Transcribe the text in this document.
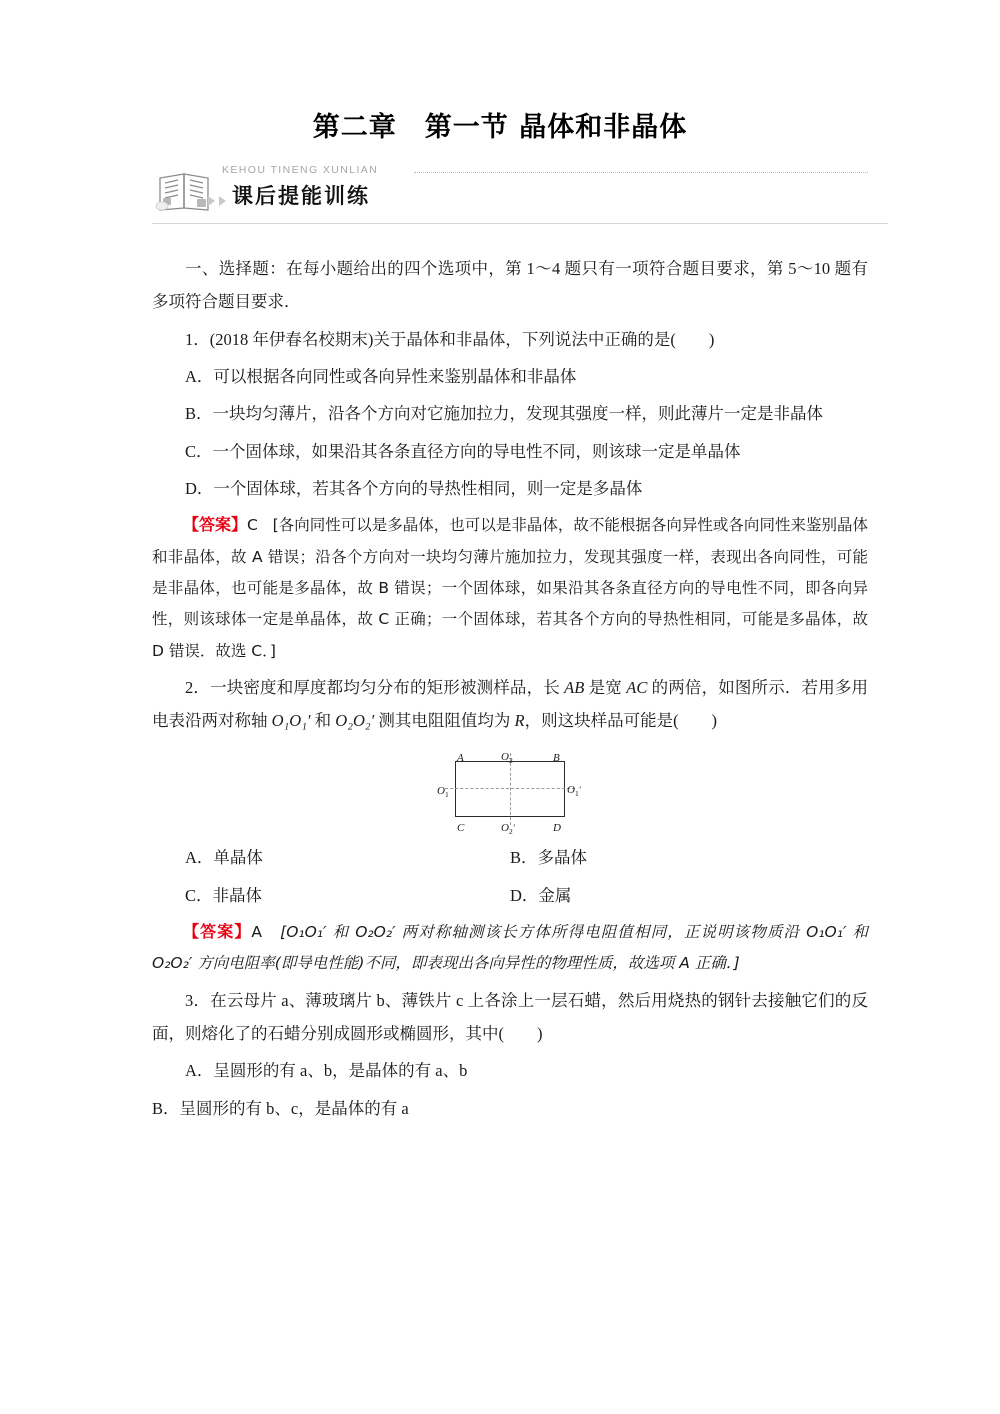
第二章　第一节 晶体和非晶体
KEHOU TINENG XUNLIAN
课后提能训练

一、选择题：在每小题给出的四个选项中，第 1～4 题只有一项符合题目要求，第 5～10 题有多项符合题目要求．

1．(2018 年伊春名校期末)关于晶体和非晶体，下列说法中正确的是(　　)

A．可以根据各向同性或各向异性来鉴别晶体和非晶体

B．一块均匀薄片，沿各个方向对它施加拉力，发现其强度一样，则此薄片一定是非晶体

C．一个固体球，如果沿其各条直径方向的导电性不同，则该球一定是单晶体

D．一个固体球，若其各个方向的导热性相同，则一定是多晶体

【答案】C [各向同性可以是多晶体，也可以是非晶体，故不能根据各向异性或各向同性来鉴别晶体和非晶体，故 A 错误；沿各个方向对一块均匀薄片施加拉力，发现其强度一样，表现出各向同性，可能是非晶体，也可能是多晶体，故 B 错误；一个固体球，如果沿其各条直径方向的导电性不同，即各向异性，则该球体一定是单晶体，故 C 正确；一个固体球，若其各个方向的导热性相同，可能是多晶体，故 D 错误．故选 C．]

2．一块密度和厚度都均匀分布的矩形被测样品，长 AB 是宽 AC 的两倍，如图所示．若用多用电表沿两对称轴 O₁O₁′ 和 O₂O₂′ 测其电阻阻值均为 R，则这块样品可能是(　　)

A	$O_2$	B
$O_1$	$O_1'$
C	$O_2'$	D
A．单晶体	B．多晶体
C．非晶体	D．金属

【答案】A [O₁O₁′ 和 O₂O₂′ 两对称轴测该长方体所得电阻值相同，正说明该物质沿 O₁O₁′ 和 O₂O₂′ 方向电阻率(即导电性能)不同，即表现出各向异性的物理性质，故选项 A 正确．]

3．在云母片 a、薄玻璃片 b、薄铁片 c 上各涂上一层石蜡，然后用烧热的钢针去接触它们的反面，则熔化了的石蜡分别成圆形或椭圆形，其中(　　)

A．呈圆形的有 a、b，是晶体的有 a、b

B．呈圆形的有 b、c，是晶体的有 a
